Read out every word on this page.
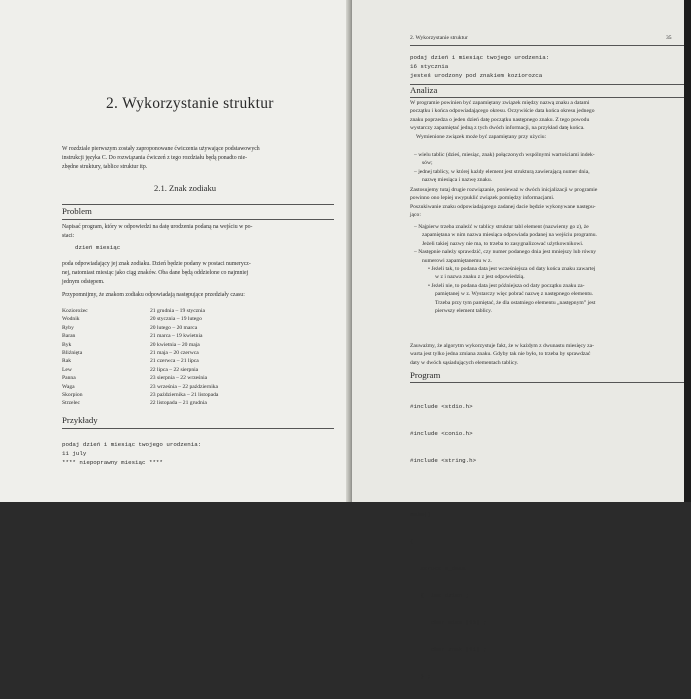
2. Wykorzystanie struktur
W rozdziale pierwszym zostały zaproponowane ćwiczenia używające podstawowych
instrukcji języka C. Do rozwiązania ćwiczeń z tego rozdziału będą ponadto nie-
zbędne struktury, tablice struktur itp.
2.1. Znak zodiaku
Problem
Napisać program, który w odpowiedzi na datę urodzenia podaną na wejściu w po-
staci:
dzień miesiąc
poda odpowiadający jej znak zodiaku. Dzień będzie podany w postaci numerycz-
nej, natomiast miesiąc jako ciąg znaków. Oba dane będą oddzielone co najmniej
jednym odstępem.
Przypomnijmy, że znakom zodiaku odpowiadają następujące przedziały czasu:
Koziorożec
Wodnik
Ryby
Baran
Byk
Bliźnięta
Rak
Lew
Panna
Waga
Skorpion
Strzelec
21 grudnia – 19 stycznia
20 stycznia – 19 lutego
20 lutego – 20 marca
21 marca – 19 kwietnia
20 kwietnia – 20 maja
21 maja – 20 czerwca
21 czerwca – 21 lipca
22 lipca – 22 sierpnia
23 sierpnia – 22 września
23 września – 22 października
23 października – 21 listopada
22 listopada – 21 grudnia
Przykłady
podaj dzień i miesiąc twojego urodzenia:
11 july
**** niepoprawny miesiąc ****
2. Wykorzystanie struktur	35
podaj dzień i miesiąc twojego urodzenia:
16 stycznia
jesteś urodzony pod znakiem koziorozca
Analiza
W programie powinien być zapamiętany związek między nazwą znaku a datami
początku i końca odpowiadającego okresu. Oczywiście data końca okresu jednego
znaku poprzedza o jeden dzień datę początku następnego znaku. Z tego powodu
wystarczy zapamiętać jedną z tych dwóch informacji, na przykład datę końca.
Wymienione związek może być zapamiętany przy użyciu:
– wielu tablic (dzieś, miesiąc, znak) połączonych wspólnymi wartościami indek-
sów;
– jednej tablicy, w której każdy element jest strukturą zawierającą numer dnia,
nazwę miesiąca i nazwę znaku.
Zastosujemy tutaj drugie rozwiązanie, ponieważ w dwóch inicjalizacji w programie
powinno ono lepiej uwypuklić związek pomiędzy informacjami.
Poszukiwanie znaku odpowiadającego zadanej dacie będzie wykonywane następu-
jąco:
– Najpierw trzeba znaleźć w tablicy struktur tabl element (nazwiemy go z), że
zapamiętana w nim nazwa miesiąca odpowiada podanej na wejściu programu.
Jeżeli takiej nazwy nie ma, to trzeba to zasygnalizować użytkownikowi.
– Następnie należy sprawdzić, czy numer podanego dnia jest mniejszy lub równy
numerowi zapamiętanemu w z.
• Jeżeli tak, to podana data jest wcześniejsza od daty końca znaku zawartej
w z i nazwa znaku z z jest odpowiedzią.
• Jeżeli nie, to podana data jest późniejsza od daty początku znaku za-
pamiętanej w z. Wystarczy więc pobrać nazwę z następnego elementu.
Trzeba przy tym pamiętać, że dla ostatniego elementu „następnym” jest
pierwszy element tablicy.
Zauważmy, że algorytm wykorzystuje fakt, że w każdym z dwunastu miesięcy za-
warta jest tylko jedna zmiana znaku. Gdyby tak nie było, to trzeba by sprawdzać
daty w dwóch sąsiadujących elementach tablicy.
Program

#include <stdio.h>

#include <conio.h>

#include <string.h>

main()

{

struct s_data

{  int dzien ;

char mies [13] ;

char znak [11] ;

} ;
